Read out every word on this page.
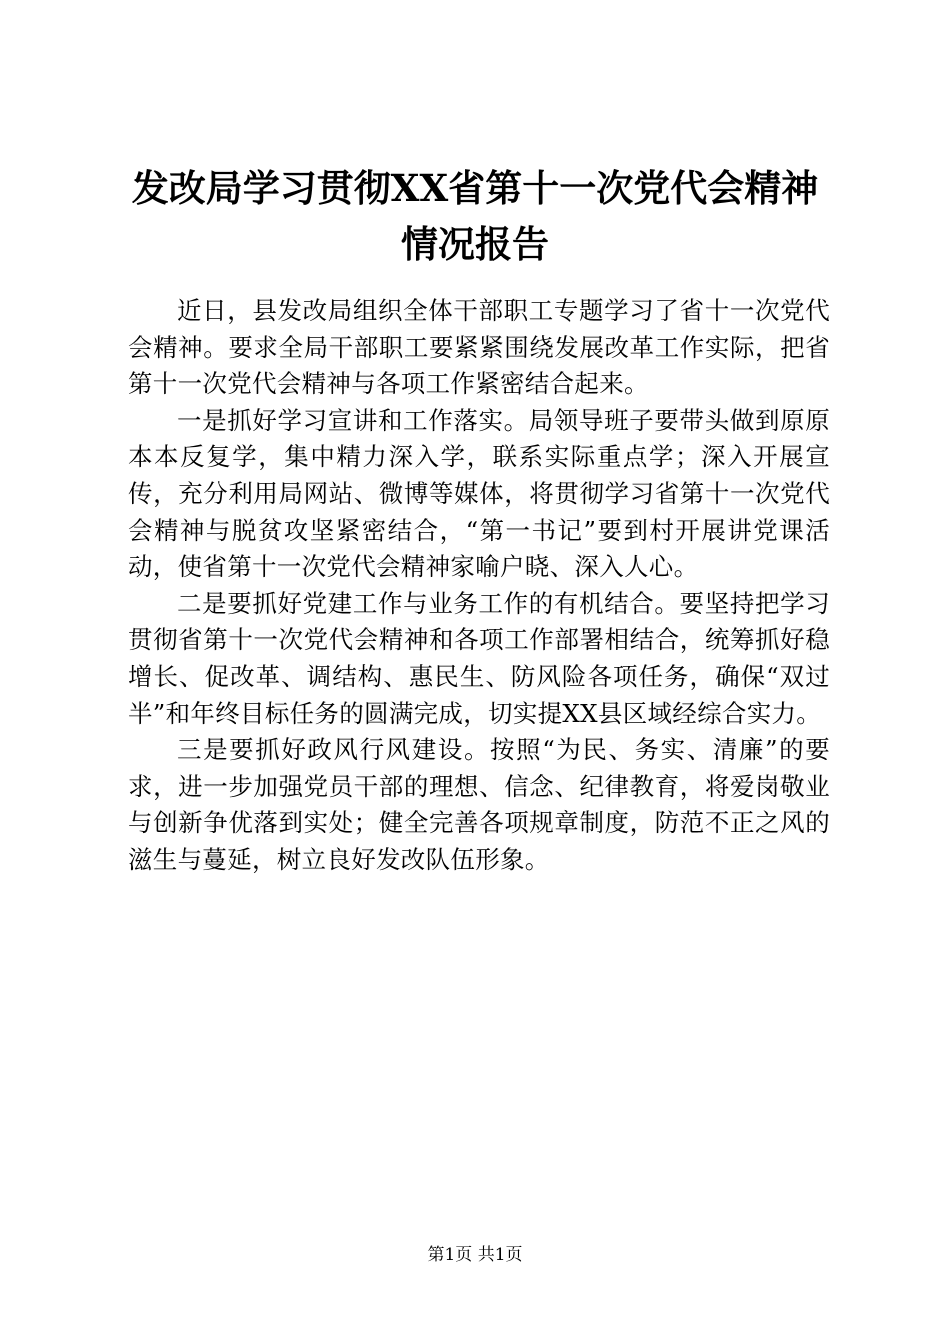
发改局学习贯彻XX省第十一次党代会精神情况报告

近日，县发改局组织全体干部职工专题学习了省十一次党代会精神。要求全局干部职工要紧紧围绕发展改革工作实际，把省第十一次党代会精神与各项工作紧密结合起来。

一是抓好学习宣讲和工作落实。局领导班子要带头做到原原本本反复学，集中精力深入学，联系实际重点学；深入开展宣传，充分利用局网站、微博等媒体，将贯彻学习省第十一次党代会精神与脱贫攻坚紧密结合，“第一书记”要到村开展讲党课活动，使省第十一次党代会精神家喻户晓、深入人心。

二是要抓好党建工作与业务工作的有机结合。要坚持把学习贯彻省第十一次党代会精神和各项工作部署相结合，统筹抓好稳增长、促改革、调结构、惠民生、防风险各项任务，确保“双过半”和年终目标任务的圆满完成，切实提XX县区域经综合实力。

三是要抓好政风行风建设。按照“为民、务实、清廉”的要求，进一步加强党员干部的理想、信念、纪律教育，将爱岗敬业与创新争优落到实处；健全完善各项规章制度，防范不正之风的滋生与蔓延，树立良好发改队伍形象。

第1页 共1页
